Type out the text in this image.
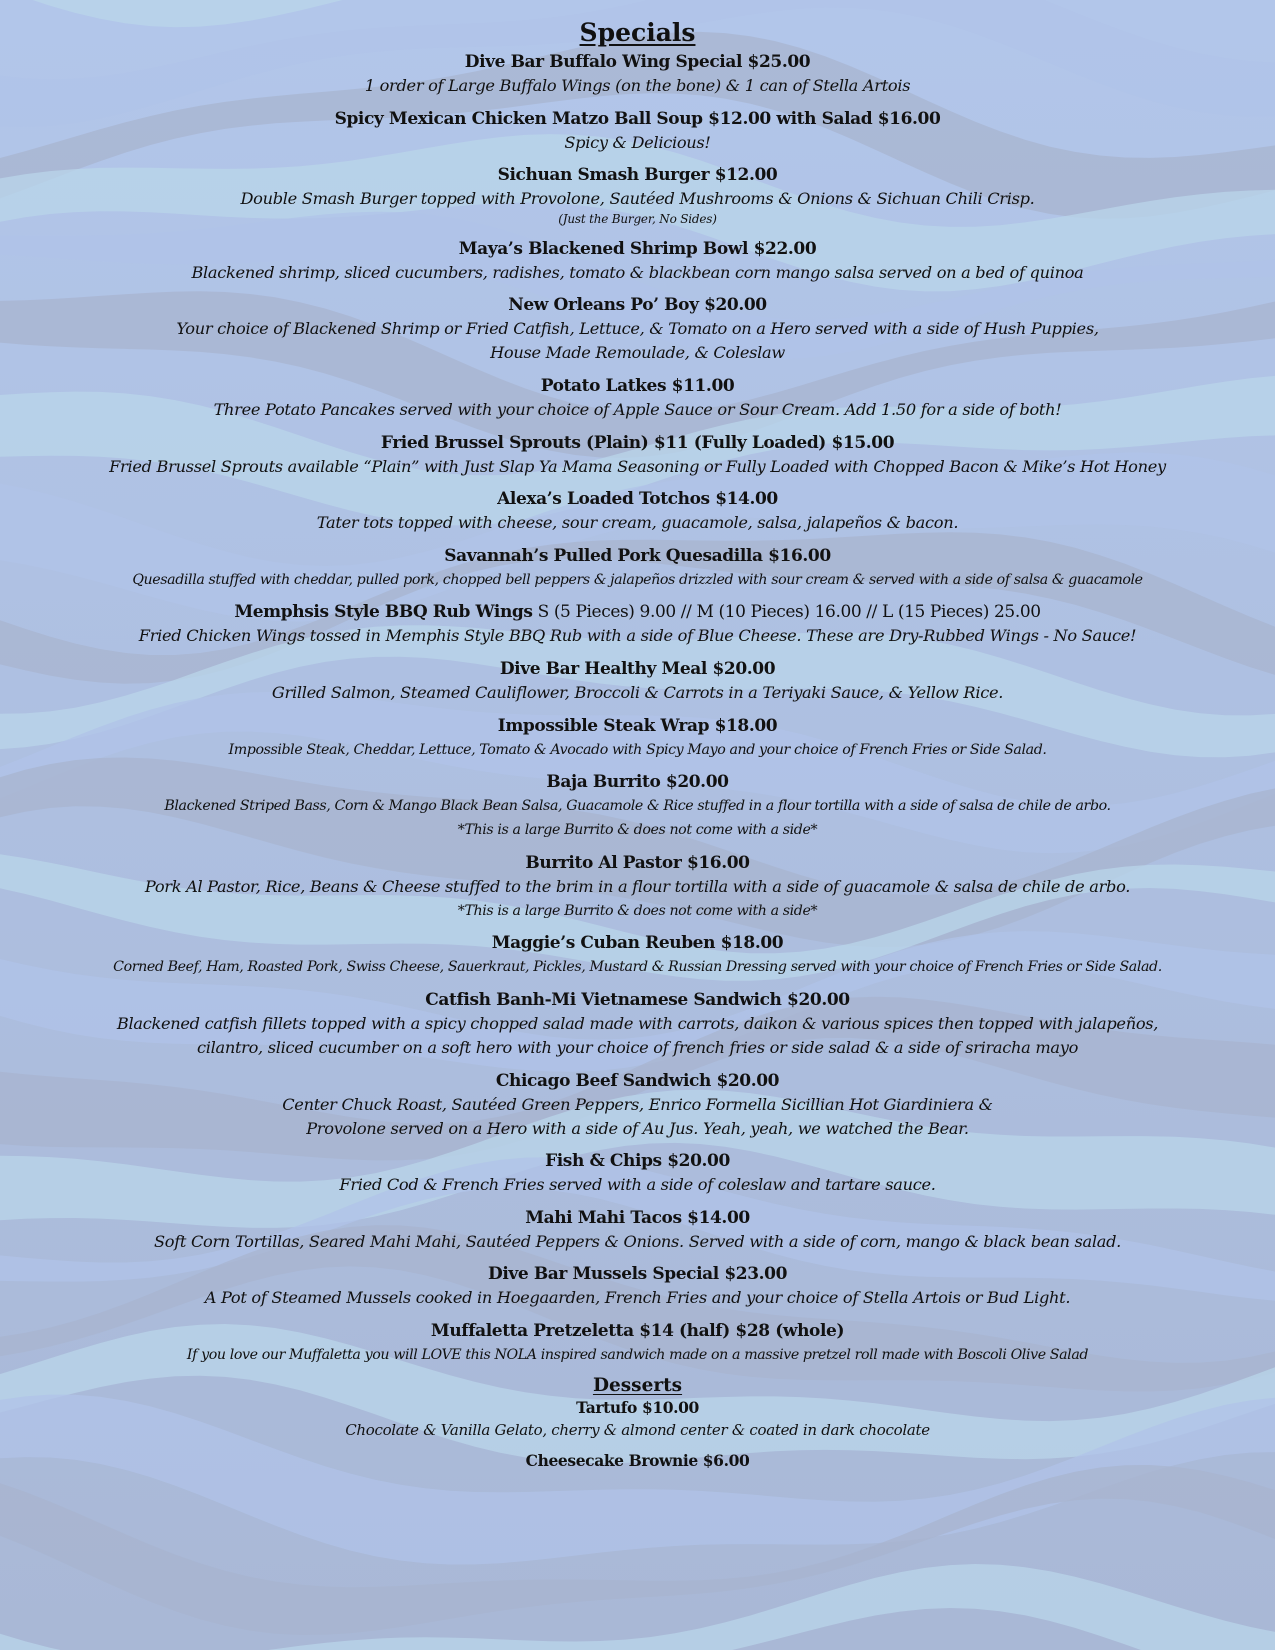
Specials
Dive Bar Buffalo Wing Special $25.00
1 order of Large Buffalo Wings (on the bone) & 1 can of Stella Artois
Spicy Mexican Chicken Matzo Ball Soup $12.00 with Salad $16.00
Spicy & Delicious!
Sichuan Smash Burger $12.00
Double Smash Burger topped with Provolone, Sautéed Mushrooms & Onions & Sichuan Chili Crisp.
(Just the Burger, No Sides)
Maya’s Blackened Shrimp Bowl $22.00
Blackened shrimp, sliced cucumbers, radishes, tomato & blackbean corn mango salsa served on a bed of quinoa
New Orleans Po’ Boy $20.00
Your choice of Blackened Shrimp or Fried Catfish, Lettuce, & Tomato on a Hero served with a side of Hush Puppies,
House Made Remoulade, & Coleslaw
Potato Latkes $11.00
Three Potato Pancakes served with your choice of Apple Sauce or Sour Cream. Add 1.50 for a side of both!
Fried Brussel Sprouts (Plain) $11 (Fully Loaded) $15.00
Fried Brussel Sprouts available “Plain” with Just Slap Ya Mama Seasoning or Fully Loaded with Chopped Bacon & Mike’s Hot Honey
Alexa’s Loaded Totchos $14.00
Tater tots topped with cheese, sour cream, guacamole, salsa, jalapeños & bacon.
Savannah’s Pulled Pork Quesadilla $16.00
Quesadilla stuffed with cheddar, pulled pork, chopped bell peppers & jalapeños drizzled with sour cream & served with a side of salsa & guacamole
Memphsis Style BBQ Rub Wings S (5 Pieces) 9.00 // M (10 Pieces) 16.00 // L (15 Pieces) 25.00
Fried Chicken Wings tossed in Memphis Style BBQ Rub with a side of Blue Cheese. These are Dry-Rubbed Wings - No Sauce!
Dive Bar Healthy Meal $20.00
Grilled Salmon, Steamed Cauliflower, Broccoli & Carrots in a Teriyaki Sauce, & Yellow Rice.
Impossible Steak Wrap $18.00
Impossible Steak, Cheddar, Lettuce, Tomato & Avocado with Spicy Mayo and your choice of French Fries or Side Salad.
Baja Burrito $20.00
Blackened Striped Bass, Corn & Mango Black Bean Salsa, Guacamole & Rice stuffed in a flour tortilla with a side of salsa de chile de arbo.
*This is a large Burrito & does not come with a side*
Burrito Al Pastor $16.00
Pork Al Pastor, Rice, Beans & Cheese stuffed to the brim in a flour tortilla with a side of guacamole & salsa de chile de arbo.
*This is a large Burrito & does not come with a side*
Maggie’s Cuban Reuben $18.00
Corned Beef, Ham, Roasted Pork, Swiss Cheese, Sauerkraut, Pickles, Mustard & Russian Dressing served with your choice of French Fries or Side Salad.
Catfish Banh-Mi Vietnamese Sandwich $20.00
Blackened catfish fillets topped with a spicy chopped salad made with carrots, daikon & various spices then topped with jalapeños,
cilantro, sliced cucumber on a soft hero with your choice of french fries or side salad & a side of sriracha mayo
Chicago Beef Sandwich $20.00
Center Chuck Roast, Sautéed Green Peppers, Enrico Formella Sicillian Hot Giardiniera &
Provolone served on a Hero with a side of Au Jus. Yeah, yeah, we watched the Bear.
Fish & Chips $20.00
Fried Cod & French Fries served with a side of coleslaw and tartare sauce.
Mahi Mahi Tacos $14.00
Soft Corn Tortillas, Seared Mahi Mahi, Sautéed Peppers & Onions. Served with a side of corn, mango & black bean salad.
Dive Bar Mussels Special $23.00
A Pot of Steamed Mussels cooked in Hoegaarden, French Fries and your choice of Stella Artois or Bud Light.
Muffaletta Pretzeletta $14 (half) $28 (whole)
If you love our Muffaletta you will LOVE this NOLA inspired sandwich made on a massive pretzel roll made with Boscoli Olive Salad
Desserts
Tartufo $10.00
Chocolate & Vanilla Gelato, cherry & almond center & coated in dark chocolate
Cheesecake Brownie $6.00
